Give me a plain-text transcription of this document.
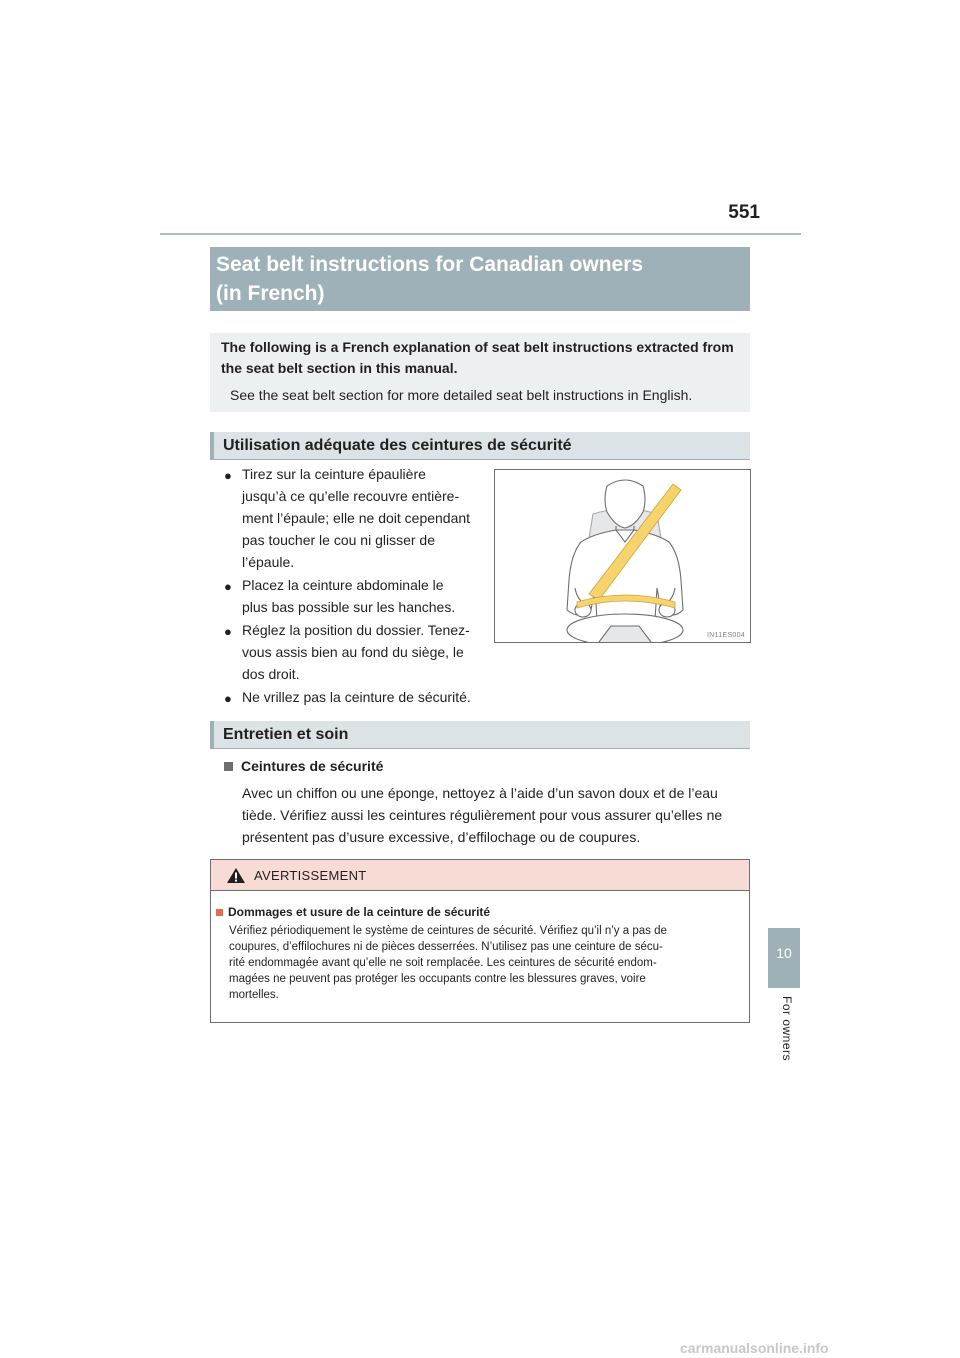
551
Seat belt instructions for Canadian owners
(in French)
The following is a French explanation of seat belt instructions extracted from
the seat belt section in this manual.
See the seat belt section for more detailed seat belt instructions in English.
Utilisation adéquate des ceintures de sécurité
● Tirez sur la ceinture épaulière
jusqu’à ce qu’elle recouvre entière-
ment l’épaule; elle ne doit cependant
pas toucher le cou ni glisser de
l’épaule.
● Placez la ceinture abdominale le
plus bas possible sur les hanches.
● Réglez la position du dossier. Tenez-
vous assis bien au fond du siège, le
dos droit.
● Ne vrillez pas la ceinture de sécurité.
IN11ES004
Entretien et soin
Ceintures de sécurité
Avec un chiffon ou une éponge, nettoyez à l’aide d’un savon doux et de l’eau
tiède. Vérifiez aussi les ceintures régulièrement pour vous assurer qu’elles ne
présentent pas d’usure excessive, d’effilochage ou de coupures.
AVERTISSEMENT
Dommages et usure de la ceinture de sécurité
Vérifiez périodiquement le système de ceintures de sécurité. Vérifiez qu’il n’y a pas de
coupures, d’effilochures ni de pièces desserrées. N’utilisez pas une ceinture de sécu-
rité endommagée avant qu’elle ne soit remplacée. Les ceintures de sécurité endom-
magées ne peuvent pas protéger les occupants contre les blessures graves, voire
mortelles.
10
For owners
carmanualsonline.info
